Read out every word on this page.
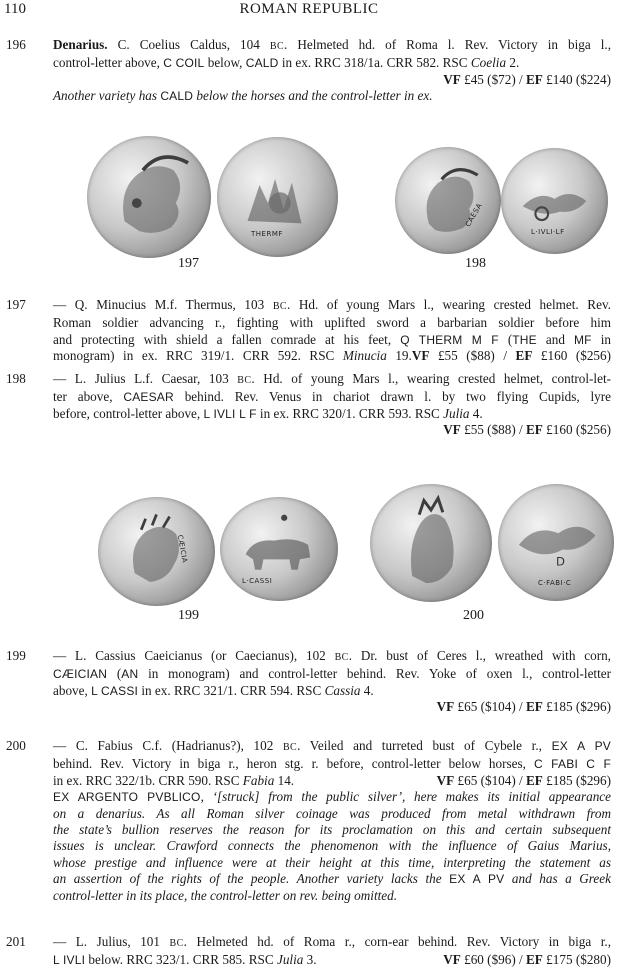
110	ROMAN REPUBLIC
196	Denarius. C. Coelius Caldus, 104 BC. Helmeted hd. of Roma l. Rev. Victory in biga l.,
control-letter above, C COIL below, CALD in ex. RRC 318/1a. CRR 582. RSC Coelia 2.
VF £45 ($72) / EF £140 ($224)
Another variety has CALD below the horses and the control-letter in ex.
THERMF
197
CAESA
L·IVLI·LF
198
197	— Q. Minucius M.f. Thermus, 103 BC. Hd. of young Mars l., wearing crested helmet. Rev.
Roman soldier advancing r., fighting with uplifted sword a barbarian soldier before him
and protecting with shield a fallen comrade at his feet, Q THERM M F (THE and MF in
monogram) in ex. RRC 319/1. CRR 592. RSC Minucia 19.VF £55 ($88) / EF £160 ($256)
198	— L. Julius L.f. Caesar, 103 BC. Hd. of young Mars l., wearing crested helmet, control-let-
ter above, CAESAR behind. Rev. Venus in chariot drawn l. by two flying Cupids, lyre
before, control-letter above, L IVLI L F in ex. RRC 320/1. CRR 593. RSC Julia 4.
VF £55 ($88) / EF £160 ($256)
CÆICIA
L·CASSI
199
D
C·FABI·C
200
199	— L. Cassius Caeicianus (or Caecianus), 102 BC. Dr. bust of Ceres l., wreathed with corn,
CÆICIAN (AN in monogram) and control-letter behind. Rev. Yoke of oxen l., control-letter
above, L CASSI in ex. RRC 321/1. CRR 594. RSC Cassia 4.
VF £65 ($104) / EF £185 ($296)
200	— C. Fabius C.f. (Hadrianus?), 102 BC. Veiled and turreted bust of Cybele r., EX A PV
behind. Rev. Victory in biga r., heron stg. r. before, control-letter below horses, C FABI C F
in ex. RRC 322/1b. CRR 590. RSC Fabia 14.	VF £65 ($104) / EF £185 ($296)
EX ARGENTO PVBLICO, ‘[struck] from the public silver’, here makes its initial appearance
on a denarius. As all Roman silver coinage was produced from metal withdrawn from
the state’s bullion reserves the reason for its proclamation on this and certain subsequent
issues is unclear. Crawford connects the phenomenon with the influence of Gaius Marius,
whose prestige and influence were at their height at this time, interpreting the statement as
an assertion of the rights of the people. Another variety lacks the EX A PV and has a Greek
control-letter in its place, the control-letter on rev. being omitted.
201	— L. Julius, 101 BC. Helmeted hd. of Roma r., corn-ear behind. Rev. Victory in biga r.,
L IVLI below. RRC 323/1. CRR 585. RSC Julia 3.	VF £60 ($96) / EF £175 ($280)
